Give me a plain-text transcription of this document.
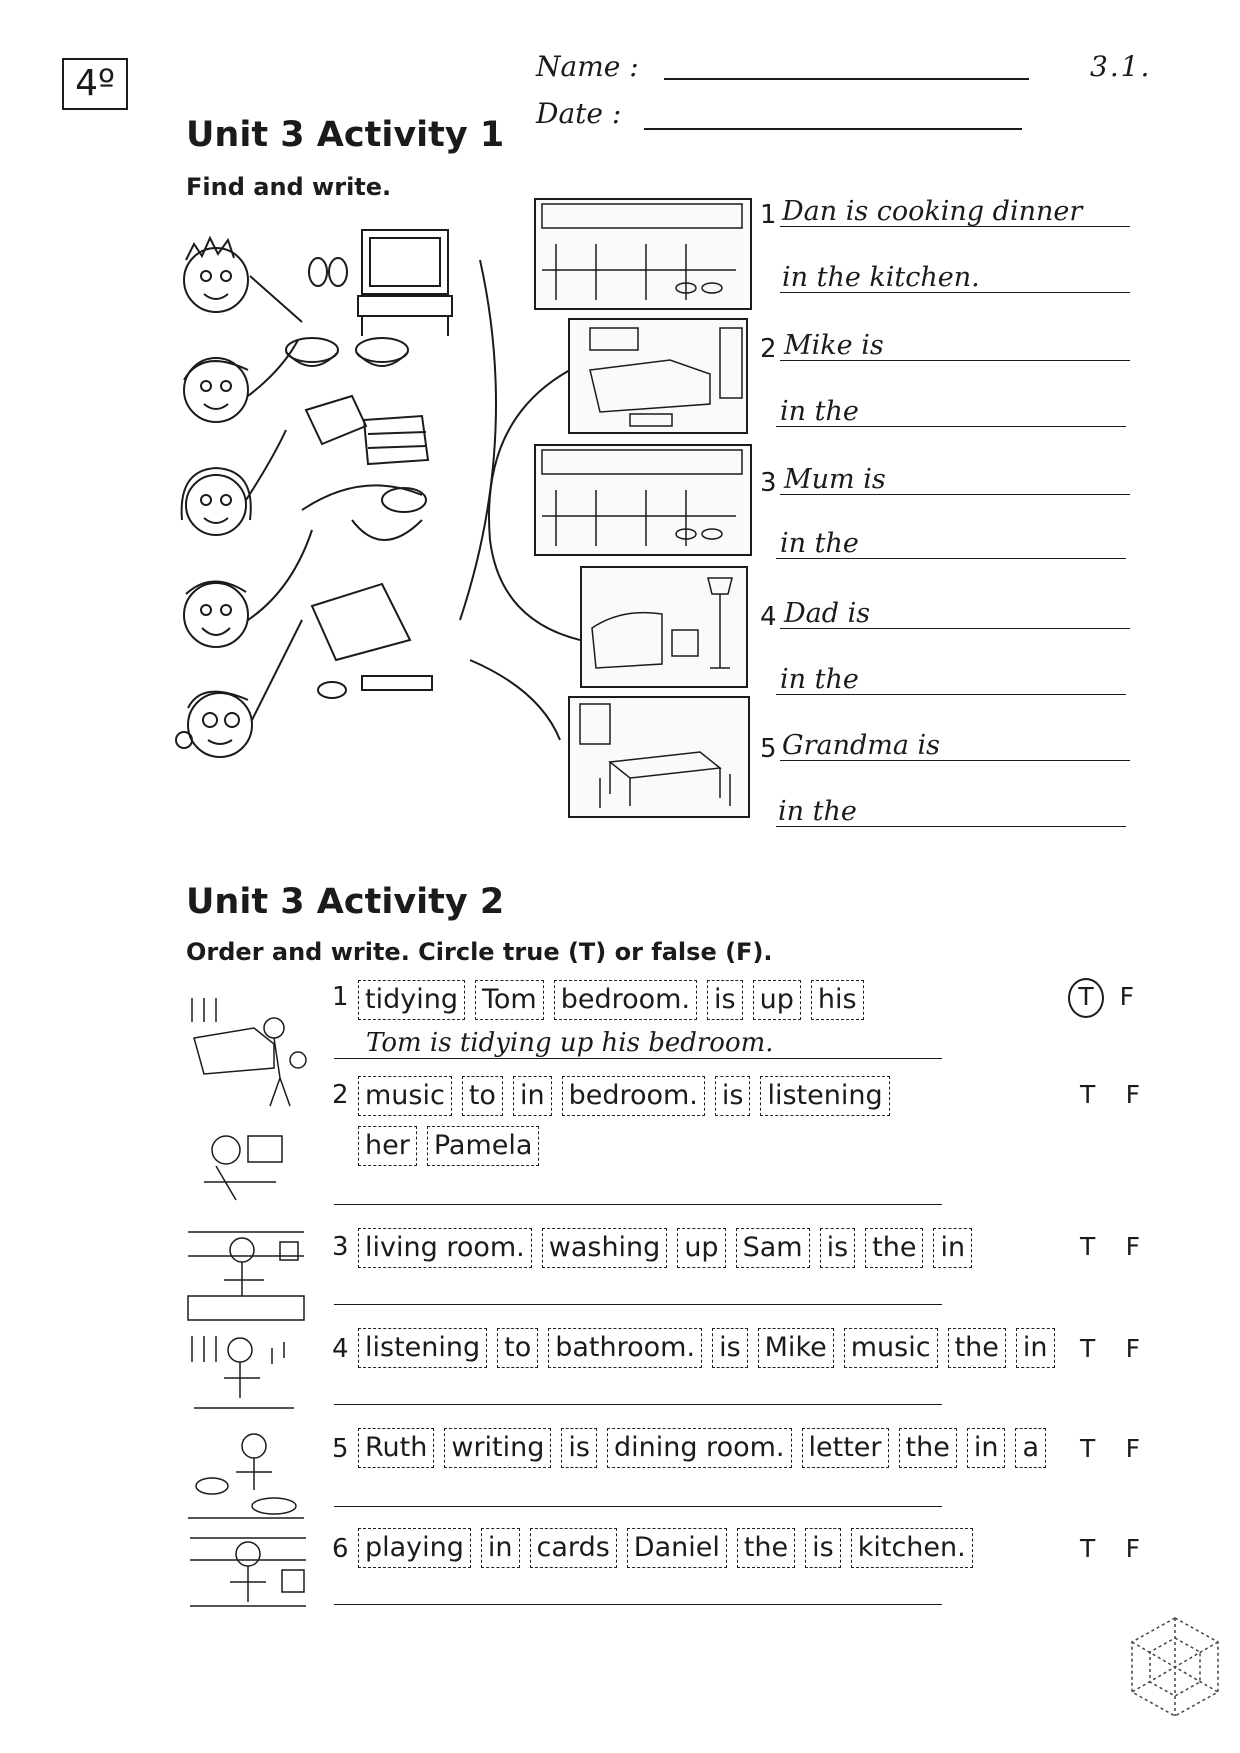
4º	Name :
Date :
3.1.
Unit 3 Activity 1
Find and write.
1 Dan is cooking dinner
in the kitchen.
2 Mike is
in the
3 Mum is
in the
4 Dad is
in the
5 Grandma is
in the
Unit 3 Activity 2
Order and write. Circle true (T) or false (F).
1 tidying Tom bedroom. is up his	T	F
Tom is tidying up his bedroom.
2 music to in bedroom. is listening
her Pamela
T F
3 living room. washing up Sam is the in	T F
4 listening to bathroom. is Mike music the in T F
5 Ruth writing is dining room. letter the in a T F
6 playing in cards Daniel the is kitchen.	T F
